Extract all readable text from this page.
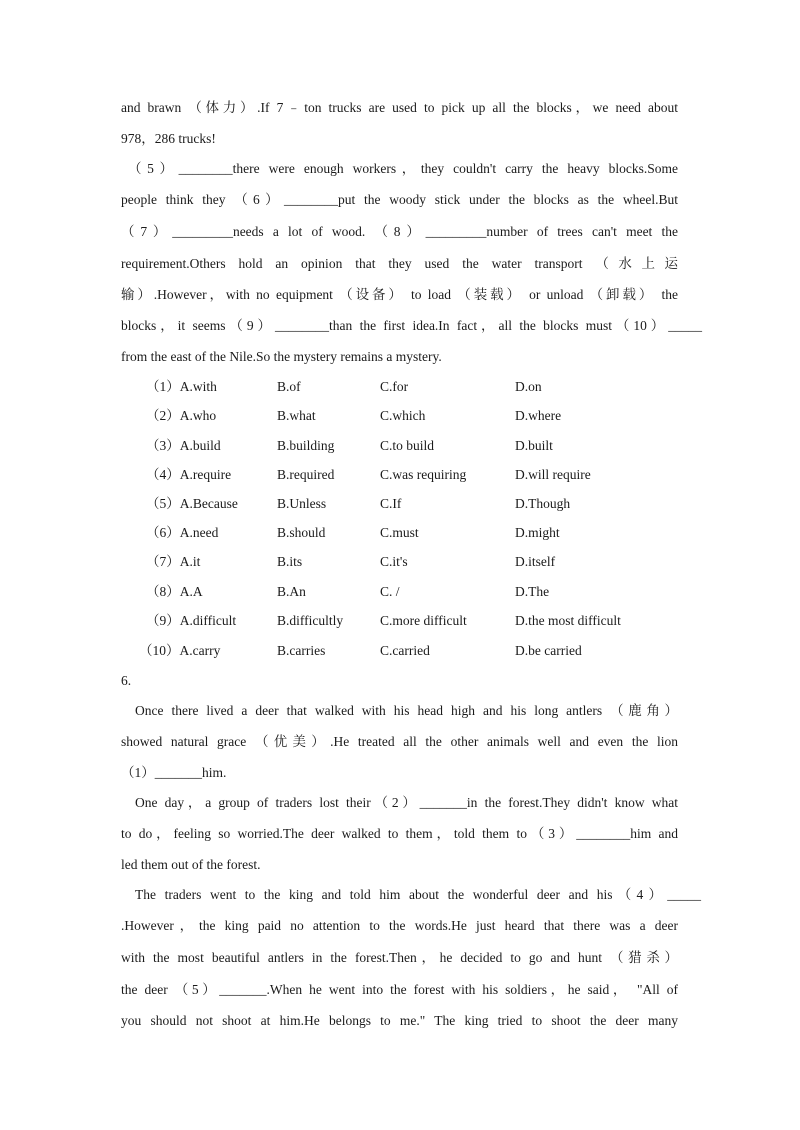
and brawn （体力）.If 7﹣ton trucks are used to pick up all the blocks，we need about
978，286 trucks!
（5）________there were enough workers，they couldn't carry the heavy blocks.Some
people think they （6）________put the woody stick under the blocks as the wheel.But
（7）_________needs a lot of wood. （8）_________number of trees can't meet the
requirement.Others hold an opinion that they used the water transport （水上运
输）.However，with no equipment （设备） to load （装载） or unload （卸载） the
blocks，it seems（9）________than the first idea.In fact，all the blocks must（10）_____
from the east of the Nile.So the mystery remains a mystery.
（1）A.with	B.of	C.for	D.on
（2）A.who	B.what	C.which	D.where
（3）A.build	B.building	C.to build	D.built
（4）A.require	B.required	C.was requiring	D.will require
（5）A.Because	B.Unless	C.If	D.Though
（6）A.need	B.should	C.must	D.might
（7）A.it	B.its	C.it's	D.itself
（8）A.A	B.An	C. /	D.The
（9）A.difficult	B.difficultly	C.more difficult	D.the most difficult
（10）A.carry	B.carries	C.carried	D.be carried
6.
Once there lived a deer that walked with his head high and his long antlers （鹿角）
showed natural grace （优美）.He treated all the other animals well and even the lion
（1）_______him.
One day，a group of traders lost their（2）_______in the forest.They didn't know what
to do，feeling so worried.The deer walked to them，told them to（3）________him and
led them out of the forest.
The traders went to the king and told him about the wonderful deer and his（4）_____
.However，the king paid no attention to the words.He just heard that there was a deer
with the most beautiful antlers in the forest.Then，he decided to go and hunt （猎杀）
the deer （5）_______.When he went into the forest with his soldiers，he said， "All of
you should not shoot at him.He belongs to me." The king tried to shoot the deer many
